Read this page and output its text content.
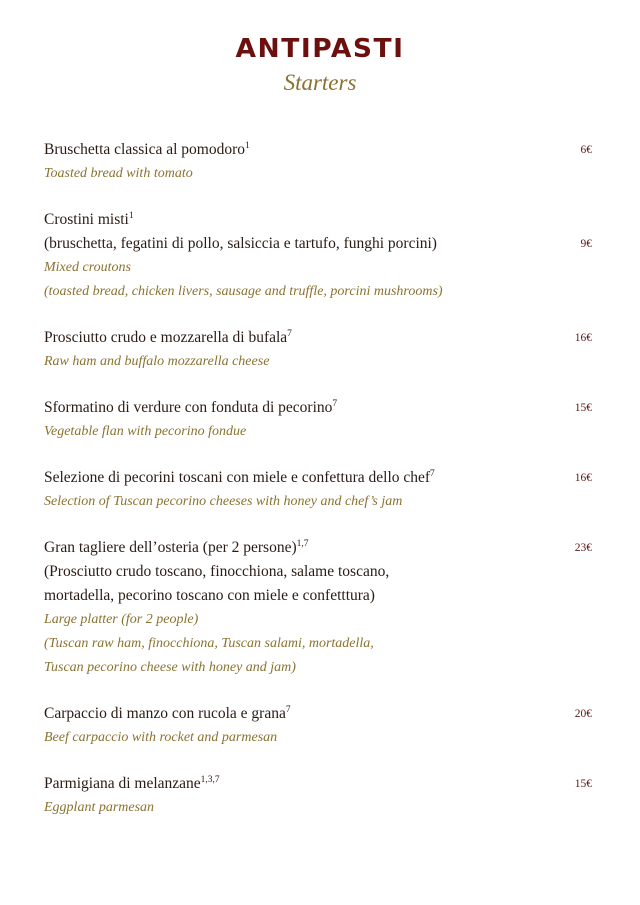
ANTIPASTI
Starters
Bruschetta classica al pomodoro$^1$
Toasted bread with tomato
6€
Crostini misti$^1$
(bruschetta, fegatini di pollo, salsiccia e tartufo, funghi porcini)
Mixed croutons
(toasted bread, chicken livers, sausage and truffle, porcini mushrooms)
9€
Prosciutto crudo e mozzarella di bufala$^7$
Raw ham and buffalo mozzarella cheese
16€
Sformatino di verdure con fonduta di pecorino$^7$
Vegetable flan with pecorino fondue
15€
Selezione di pecorini toscani con miele e confettura dello chef$^7$
Selection of Tuscan pecorino cheeses with honey and chef’s jam
16€
Gran tagliere dell’osteria (per 2 persone)$^{1,7}$
(Prosciutto crudo toscano, finocchiona, salame toscano,
mortadella, pecorino toscano con miele e confetttura)
Large platter (for 2 people)
(Tuscan raw ham, finocchiona, Tuscan salami, mortadella,
Tuscan pecorino cheese with honey and jam)
23€
Carpaccio di manzo con rucola e grana$^7$
Beef carpaccio with rocket and parmesan
20€
Parmigiana di melanzane$^{1,3,7}$
Eggplant parmesan
15€
